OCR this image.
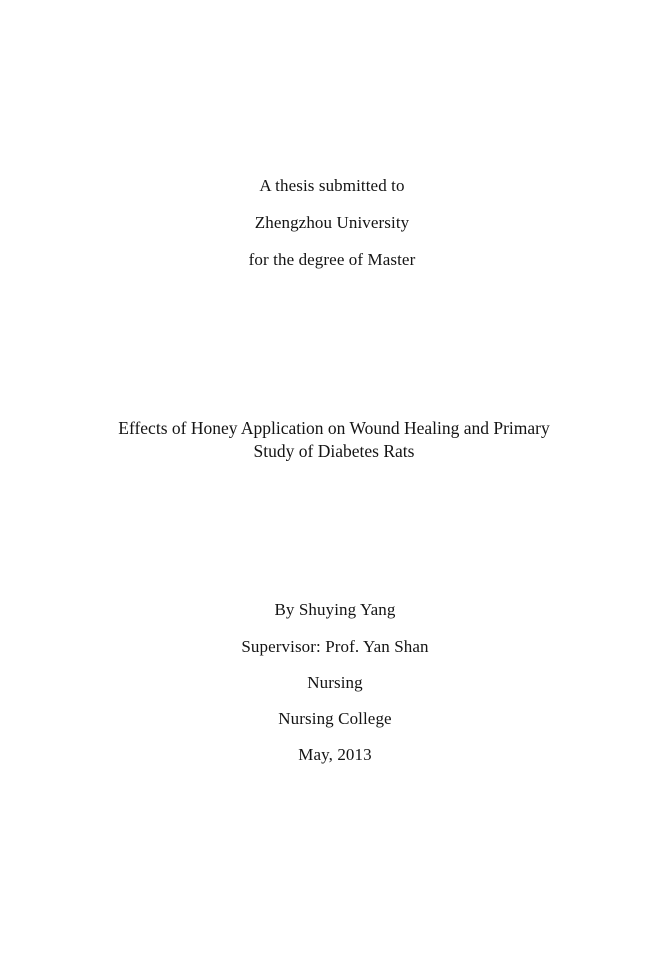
A thesis submitted to
Zhengzhou University
for the degree of Master
Effects of Honey Application on Wound Healing and Primary
Study of Diabetes Rats
By Shuying Yang
Supervisor: Prof. Yan Shan
Nursing
Nursing College
May, 2013
